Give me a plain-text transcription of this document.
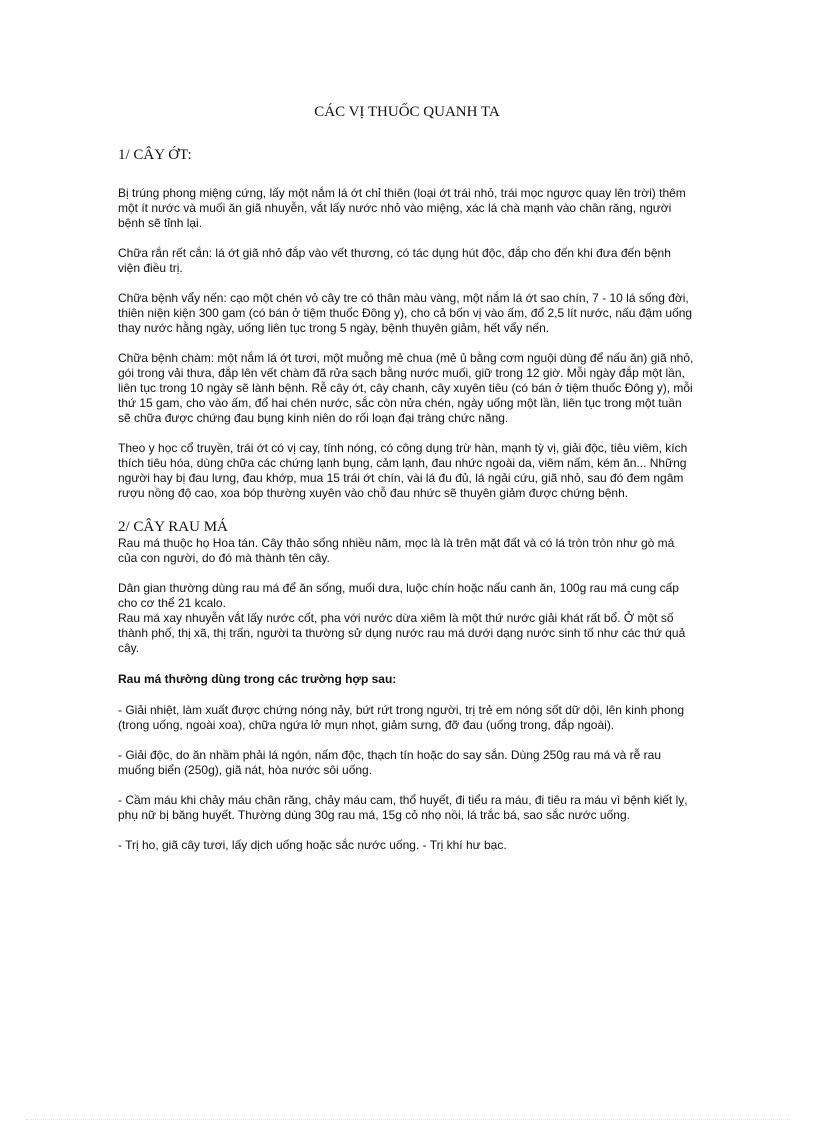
CÁC VỊ THUỐC QUANH TA
1/ CÂY ỚT:

Bị trúng phong miệng cứng, lấy một nắm lá ớt chỉ thiên (loại ớt trái nhỏ, trái mọc ngược quay lên trời) thêm một ít nước và muối ăn giã nhuyễn, vắt lấy nước nhỏ vào miệng, xác lá chà mạnh vào chân răng, người bệnh sẽ tỉnh lại.

Chữa rắn rết cắn: lá ớt giã nhỏ đắp vào vết thương, có tác dụng hút độc, đắp cho đến khi đưa đến bệnh viện điều trị.

Chữa bệnh vẩy nến: cạo một chén vỏ cây tre có thân màu vàng, một nắm lá ớt sao chín, 7 - 10 lá sống đời, thiên niện kiện 300 gam (có bán ở tiệm thuốc Đông y), cho cả bốn vị vào ấm, đổ 2,5 lít nước, nấu đậm uống thay nước hằng ngày, uống liên tục trong 5 ngày, bệnh thuyên giảm, hết vẩy nến.

Chữa bệnh chàm: một nắm lá ớt tươi, một muỗng mẻ chua (mẻ ủ bằng cơm nguội dùng để nấu ăn) giã nhỏ, gói trong vải thưa, đắp lên vết chàm đã rửa sạch bằng nước muối, giữ trong 12 giờ. Mỗi ngày đắp một lần, liên tục trong 10 ngày sẽ lành bệnh. Rễ cây ớt, cây chanh, cây xuyên tiêu (có bán ở tiệm thuốc Đông y), mỗi thứ 15 gam, cho vào ấm, đổ hai chén nước, sắc còn nửa chén, ngày uống một lần, liên tục trong một tuần sẽ chữa được chứng đau bụng kinh niên do rối loạn đại tràng chức năng.

Theo y học cổ truyền, trái ớt có vị cay, tính nóng, có công dụng trừ hàn, mạnh tỳ vị, giải độc, tiêu viêm, kích thích tiêu hóa, dùng chữa các chứng lạnh bụng, cảm lạnh, đau nhức ngoài da, viêm nấm, kém ăn... Những người hay bị đau lưng, đau khớp, mua 15 trái ớt chín, vài lá đu đủ, lá ngải cứu, giã nhỏ, sau đó đem ngâm rượu nồng độ cao, xoa bóp thường xuyên vào chỗ đau nhức sẽ thuyên giảm được chứng bệnh.

2/ CÂY RAU MÁ

Rau má thuộc họ Hoa tán. Cây thảo sống nhiều năm, mọc là là trên mặt đất và có lá tròn tròn như gò má của con người, do đó mà thành tên cây.

Dân gian thường dùng rau má để ăn sống, muối dưa, luộc chín hoặc nấu canh ăn, 100g rau má cung cấp cho cơ thể 21 kcalo.

Rau má xay nhuyễn vắt lấy nước cốt, pha với nước dừa xiêm là một thứ nước giải khát rất bổ. Ở một số thành phố, thị xã, thị trấn, người ta thường sử dụng nước rau má dưới dạng nước sinh tố như các thứ quả cây.

Rau má thường dùng trong các trường hợp sau:

- Giải nhiệt, làm xuất được chứng nóng nảy, bứt rứt trong người, trị trẻ em nóng sốt dữ dội, lên kinh phong (trong uống, ngoài xoa), chữa ngứa lở mụn nhọt, giảm sưng, đỡ đau (uống trong, đắp ngoài).

- Giải độc, do ăn nhầm phải lá ngón, nấm độc, thạch tín hoặc do say sắn. Dùng 250g rau má và rễ rau muống biển (250g), giã nát, hòa nước sôi uống.

- Cầm máu khi chảy máu chân răng, chảy máu cam, thổ huyết, đi tiểu ra máu, đi tiêu ra máu vì bệnh kiết lỵ, phụ nữ bị băng huyết. Thường dùng 30g rau má, 15g cỏ nhọ nồi, lá trắc bá, sao sắc nước uống.

- Trị ho, giã cây tươi, lấy dịch uống hoặc sắc nước uống. - Trị khí hư bạc.
